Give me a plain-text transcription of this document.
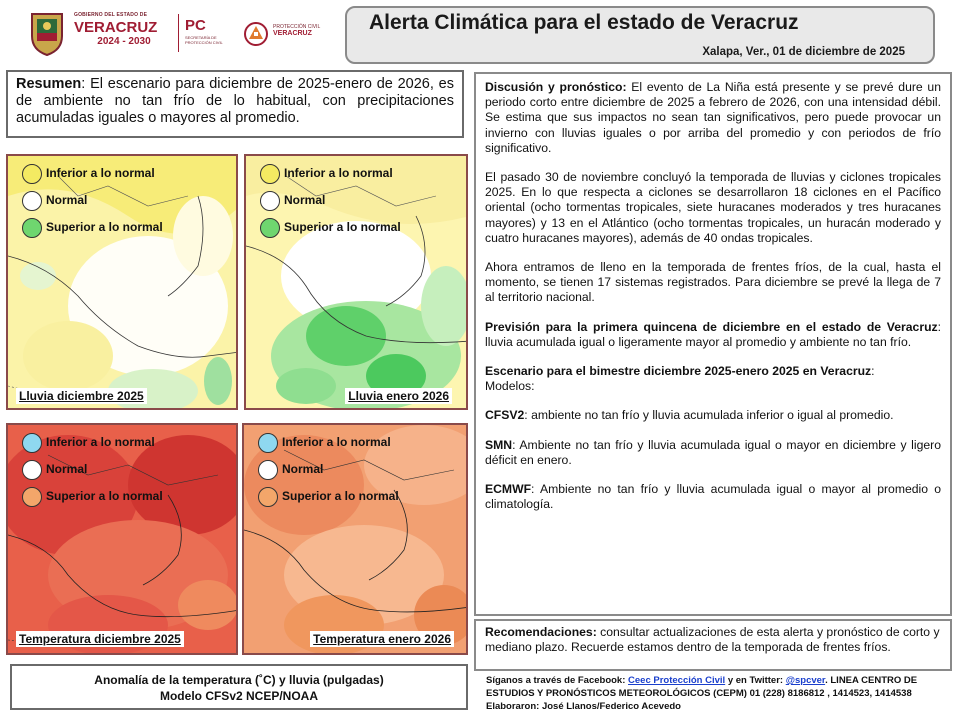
GOBIERNO DEL ESTADO DE
VERACRUZ
2024 - 2030
PC
SECRETARÍA DE PROTECCIÓN CIVIL
PROTECCIÓN CIVIL
VERACRUZ	Alerta Climática para el estado de Veracruz
Xalapa, Ver., 01 de diciembre de 2025
Resumen: El escenario para diciembre de 2025-enero de 2026, es de ambiente no tan frío de lo habitual, con precipitaciones acumuladas iguales o mayores al promedio.
Inferior a lo normal
Normal
Superior a lo normal
Lluvia diciembre 2025
Inferior a lo normal
Normal
Superior a lo normal
Lluvia enero 2026
Inferior a lo normal
Normal
Superior a lo normal
Temperatura diciembre 2025
Inferior a lo normal
Normal
Superior a lo normal
Temperatura enero 2026
Anomalía de la temperatura (˚C) y lluvia (pulgadas)
Modelo CFSv2 NCEP/NOAA

Discusión y pronóstico: El evento de La Niña está presente y se prevé dure un periodo corto entre diciembre de 2025 a febrero de 2026, con una intensidad débil. Se estima que sus impactos no sean tan significativos, pero puede provocar un invierno con lluvias iguales o por arriba del promedio y con periodos de frío significativo.

El pasado 30 de noviembre concluyó la temporada de lluvias y ciclones tropicales 2025. En lo que respecta a ciclones se desarrollaron 18 ciclones en el Pacífico oriental (ocho tormentas tropicales, siete huracanes moderados y tres huracanes mayores) y 13 en el Atlántico (ocho tormentas tropicales, un huracán moderado y cuatro huracanes mayores), además de 40 ondas tropicales.

Ahora entramos de lleno en la temporada de frentes fríos, de la cual, hasta el momento, se tienen 17 sistemas registrados. Para diciembre se prevé la llega de 7 al territorio nacional.

Previsión para la primera quincena de diciembre en el estado de Veracruz: lluvia acumulada igual o ligeramente mayor al promedio y ambiente no tan frío.

Escenario para el bimestre diciembre 2025-enero 2025 en Veracruz:
Modelos:

CFSV2: ambiente no tan frío y lluvia acumulada inferior o igual al promedio.

SMN: Ambiente no tan frío y lluvia acumulada igual o mayor en diciembre y ligero déficit en enero.

ECMWF: Ambiente no tan frío y lluvia acumulada igual o mayor al promedio o climatología.

Recomendaciones: consultar actualizaciones de esta alerta y pronóstico de corto y mediano plazo. Recuerde estamos dentro de la temporada de frentes fríos.
Síganos a través de Facebook: Ceec Protección Civil y en Twitter: @spcver. LINEA CENTRO DE ESTUDIOS Y PRONÓSTICOS METEOROLÓGICOS (CEPM) 01 (228) 8186812 , 1414523, 1414538 Elaboraron: José Llanos/Federico Acevedo
